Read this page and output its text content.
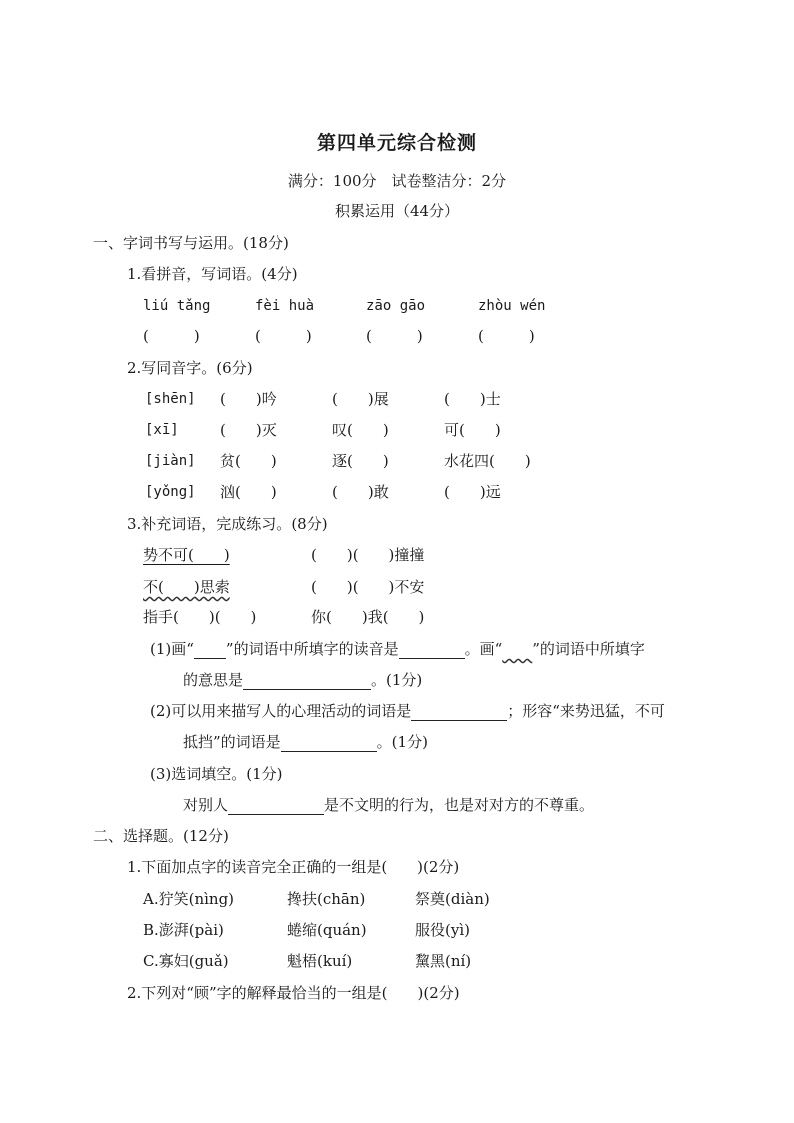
第四单元综合检测
满分：100分　试卷整洁分：2分
积累运用（44分）
一、字词书写与运用。(18分)
1.看拼音，写词语。(4分)
liú tǎng	fèi huà	zāo gāo	zhòu wén
(　　　)	(　　　)	(　　　)	(　　　)
2.写同音字。(6分)
[shēn] (　　)吟	(　　)展	(　　)士
[xī]	(　　)灭	叹(　　)	可(　　)
[jiàn] 贫(　　)	逐(　　)	水花四(　　)
[yǒng] 汹(　　)	(　　)敢	(　　)远
3.补充词语，完成练习。(8分)
势不可(　　)	(　　)(　　)撞撞
不(　　)思索	(　　)(　　)不安
指手(　　)(　　)	你(　　)我(　　)
(1)画“ ”的词语中所填字的读音是	。画“​　　”的词语中所填字
的意思是	。(1分)
(2)可以用来描写人的心理活动的词语是	；形容“来势迅猛，不可
抵挡”的词语是	。(1分)
(3)选词填空。(1分)
对别人	是不文明的行为，也是对对方的不尊重。
二、选择题。(12分)
1.下面加点字的读音完全正确的一组是(　　)(2分)
A.狞笑(nìng)	搀扶(chān)	祭奠(diàn)
B.澎湃(pài)	蜷缩(quán)	服役(yì)
C.寡妇(guǎ)	魁梧(kuí)	黧黑(ní)
2.下列对“顾”字的解释最恰当的一组是(　　)(2分)
